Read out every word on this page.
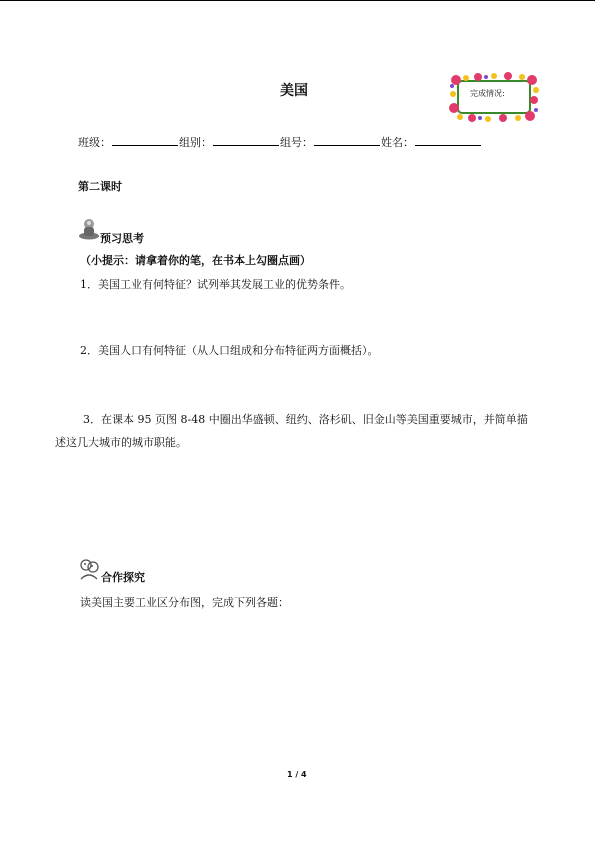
美国	完成情况:
班级：	组别：	组号：	姓名：
第二课时
预习思考
（小提示：请拿着你的笔，在书本上勾圈点画）
1．美国工业有何特征？试列举其发展工业的优势条件。
2．美国人口有何特征（从人口组成和分布特征两方面概括）。
3．在课本 95 页图 8-48 中圈出华盛顿、纽约、洛杉矶、旧金山等美国重要城市，并简单描述这几大城市的城市职能。
合作探究
读美国主要工业区分布图，完成下列各题：
1 / 4
